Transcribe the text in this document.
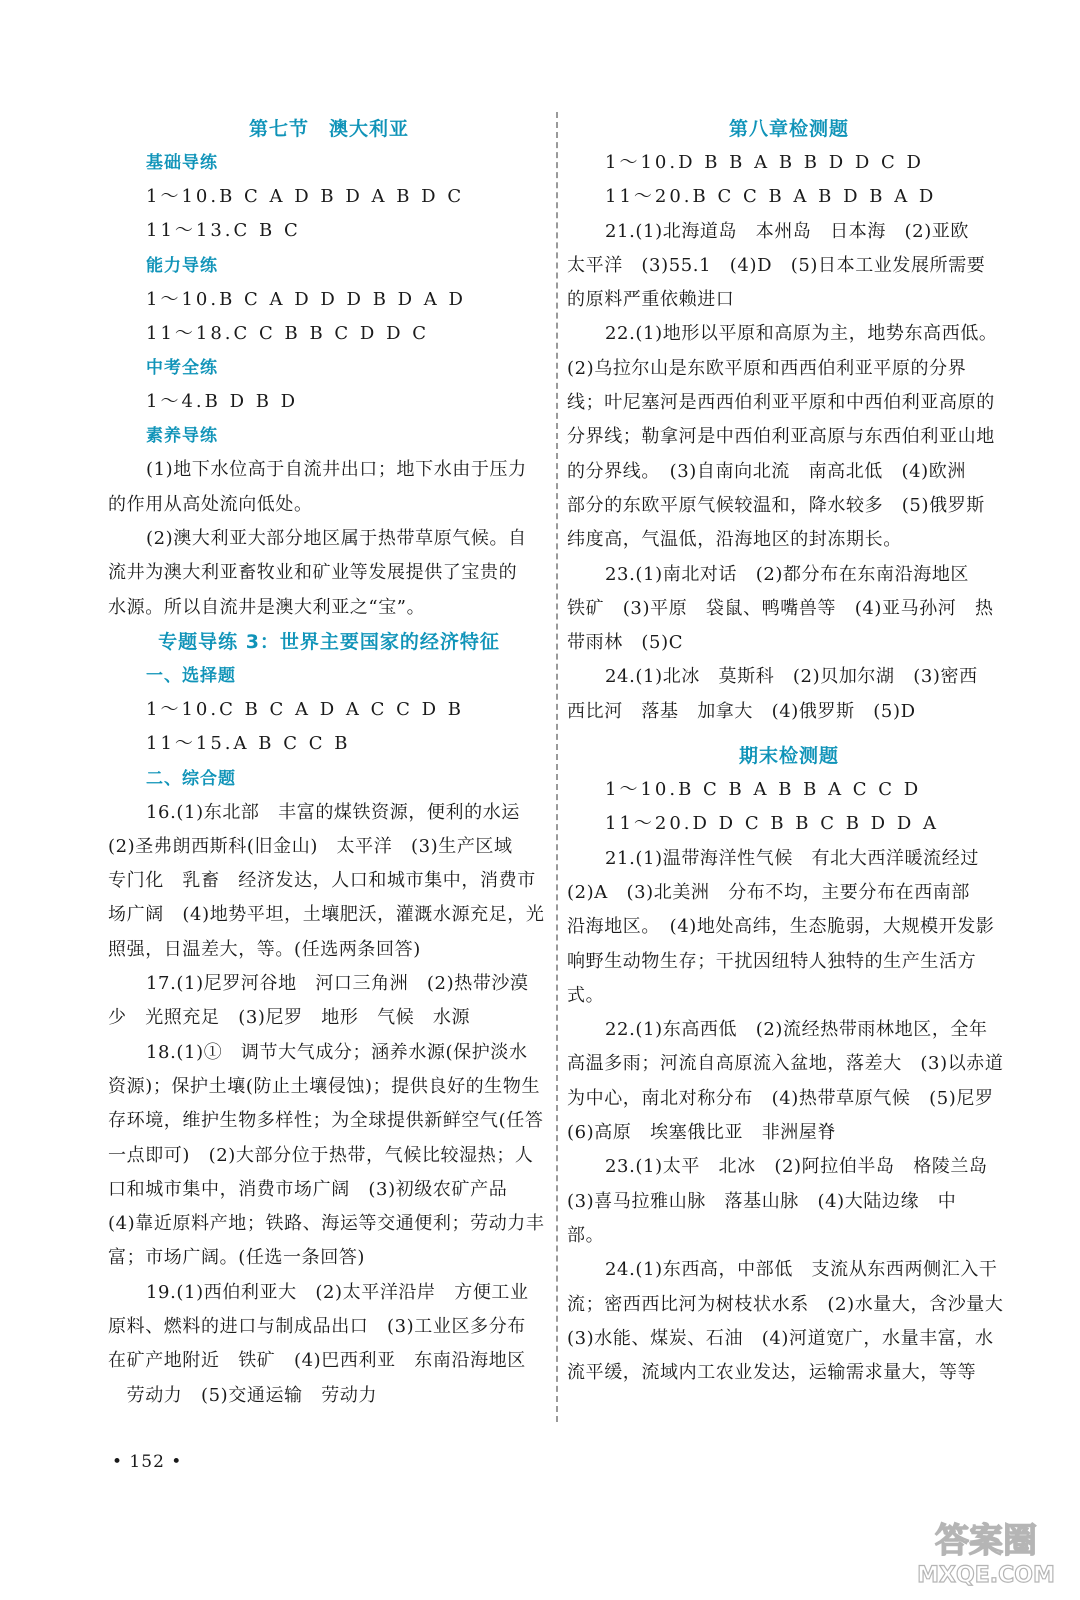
第七节　澳大利亚
基础导练
1～10.B C A D B D A B D C
11～13.C B C
能力导练
1～10.B C A D D D B D A D
11～18.C C B B C D D C
中考全练
1～4.B D B D
素养导练
(1)地下水位高于自流井出口；地下水由于压力
的作用从高处流向低处。
(2)澳大利亚大部分地区属于热带草原气候。自
流井为澳大利亚畜牧业和矿业等发展提供了宝贵的
水源。所以自流井是澳大利亚之“宝”。
专题导练 3：世界主要国家的经济特征
一、选择题
1～10.C B C A D A C C D B
11～15.A B C C B
二、综合题
16.(1)东北部　丰富的煤铁资源，便利的水运
(2)圣弗朗西斯科(旧金山)　太平洋　(3)生产区域
专门化　乳畜　经济发达，人口和城市集中，消费市
场广阔　(4)地势平坦，土壤肥沃，灌溉水源充足，光
照强，日温差大，等。(任选两条回答)
17.(1)尼罗河谷地　河口三角洲　(2)热带沙漠
少　光照充足　(3)尼罗　地形　气候　水源
18.(1)①　调节大气成分；涵养水源(保护淡水
资源)；保护土壤(防止土壤侵蚀)；提供良好的生物生
存环境，维护生物多样性；为全球提供新鲜空气(任答
一点即可)　(2)大部分位于热带，气候比较湿热；人
口和城市集中，消费市场广阔　(3)初级农矿产品
(4)靠近原料产地；铁路、海运等交通便利；劳动力丰
富；市场广阔。(任选一条回答)
19.(1)西伯利亚大　(2)太平洋沿岸　方便工业
原料、燃料的进口与制成品出口　(3)工业区多分布
在矿产地附近　铁矿　(4)巴西利亚　东南沿海地区
　劳动力　(5)交通运输　劳动力
第八章检测题
1～10.D B B A B B D D C D
11～20.B C C B A B D B A D
21.(1)北海道岛　本州岛　日本海　(2)亚欧
太平洋　(3)55.1　(4)D　(5)日本工业发展所需要
的原料严重依赖进口
22.(1)地形以平原和高原为主，地势东高西低。
(2)乌拉尔山是东欧平原和西西伯利亚平原的分界
线；叶尼塞河是西西伯利亚平原和中西伯利亚高原的
分界线；勒拿河是中西伯利亚高原与东西伯利亚山地
的分界线。　(3)自南向北流　南高北低　(4)欧洲
部分的东欧平原气候较温和，降水较多　(5)俄罗斯
纬度高，气温低，沿海地区的封冻期长。
23.(1)南北对话　(2)都分布在东南沿海地区
铁矿　(3)平原　袋鼠、鸭嘴兽等　(4)亚马孙河　热
带雨林　(5)C
24.(1)北冰　莫斯科　(2)贝加尔湖　(3)密西
西比河　落基　加拿大　(4)俄罗斯　(5)D
期末检测题
1～10.B C B A B B A C C D
11～20.D D C B B C B D D A
21.(1)温带海洋性气候　有北大西洋暖流经过
(2)A　(3)北美洲　分布不均，主要分布在西南部
沿海地区。　(4)地处高纬，生态脆弱，大规模开发影
响野生动物生存；干扰因纽特人独特的生产生活方
式。
22.(1)东高西低　(2)流经热带雨林地区，全年
高温多雨；河流自高原流入盆地，落差大　(3)以赤道
为中心，南北对称分布　(4)热带草原气候　(5)尼罗
(6)高原　埃塞俄比亚　非洲屋脊
23.(1)太平　北冰　(2)阿拉伯半岛　格陵兰岛
(3)喜马拉雅山脉　落基山脉　(4)大陆边缘　中
部。
24.(1)东西高，中部低　支流从东西两侧汇入干
流；密西西比河为树枝状水系　(2)水量大，含沙量大
(3)水能、煤炭、石油　(4)河道宽广，水量丰富，水
流平缓，流域内工农业发达，运输需求量大，等等
• 152 •
答案圈
MXQE.COM
